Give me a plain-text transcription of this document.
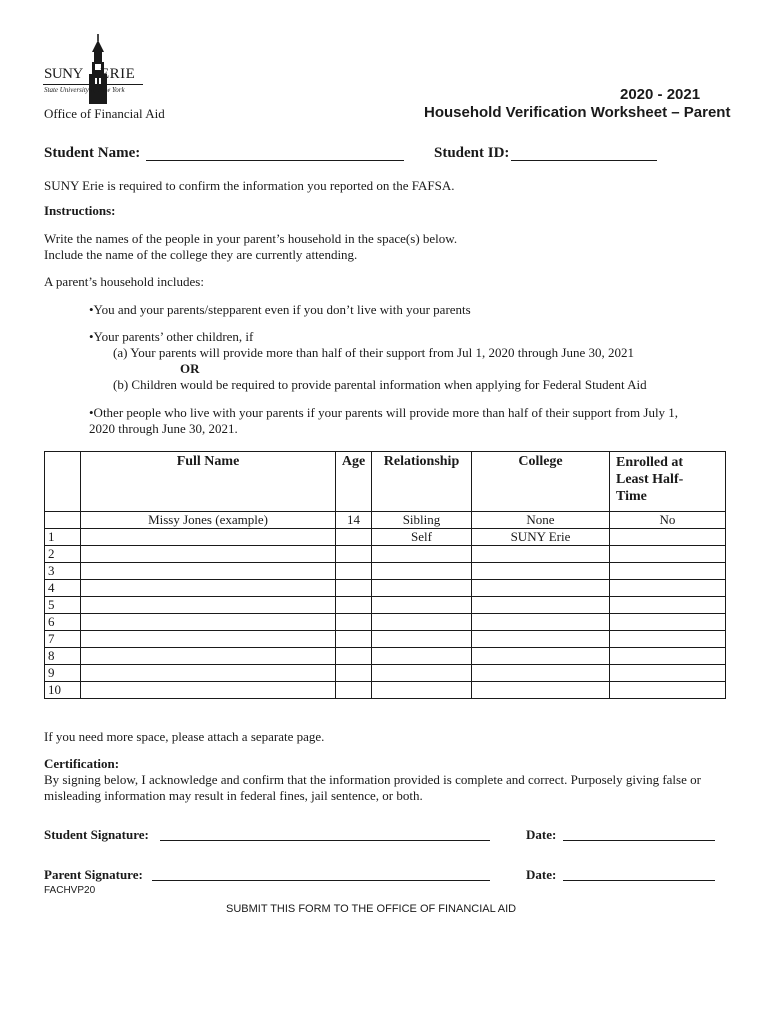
SUNY ERIE
State University of New York
Office of Financial Aid
2020 - 2021
Household Verification Worksheet – Parent
Student Name:	Student ID:
SUNY Erie is required to confirm the information you reported on the FAFSA.
Instructions:
Write the names of the people in your parent’s household in the space(s) below.
Include the name of the college they are currently attending.
A parent’s household includes:
•You and your parents/stepparent even if you don’t live with your parents
•Your parents’ other children, if
(a) Your parents will provide more than half of their support from Jul 1, 2020 through June 30, 2021
OR
(b) Children would be required to provide parental information when applying for Federal Student Aid
•Other people who live with your parents if your parents will provide more than half of their support from July 1,
2020 through June 30, 2021.
	Full Name	Age	Relationship	College	Enrolled at
Least Half-
Time
	Missy Jones (example)	14	Sibling	None	No
1			Self	SUNY Erie	
2					
3					
4					
5					
6					
7					
8					
9					
10					
If you need more space, please attach a separate page.
Certification:
By signing below, I acknowledge and confirm that the information provided is complete and correct. Purposely giving false or
misleading information may result in federal fines, jail sentence, or both.
Student Signature:	Date:
Parent Signature:	Date:
FACHVP20
SUBMIT THIS FORM TO THE OFFICE OF FINANCIAL AID
